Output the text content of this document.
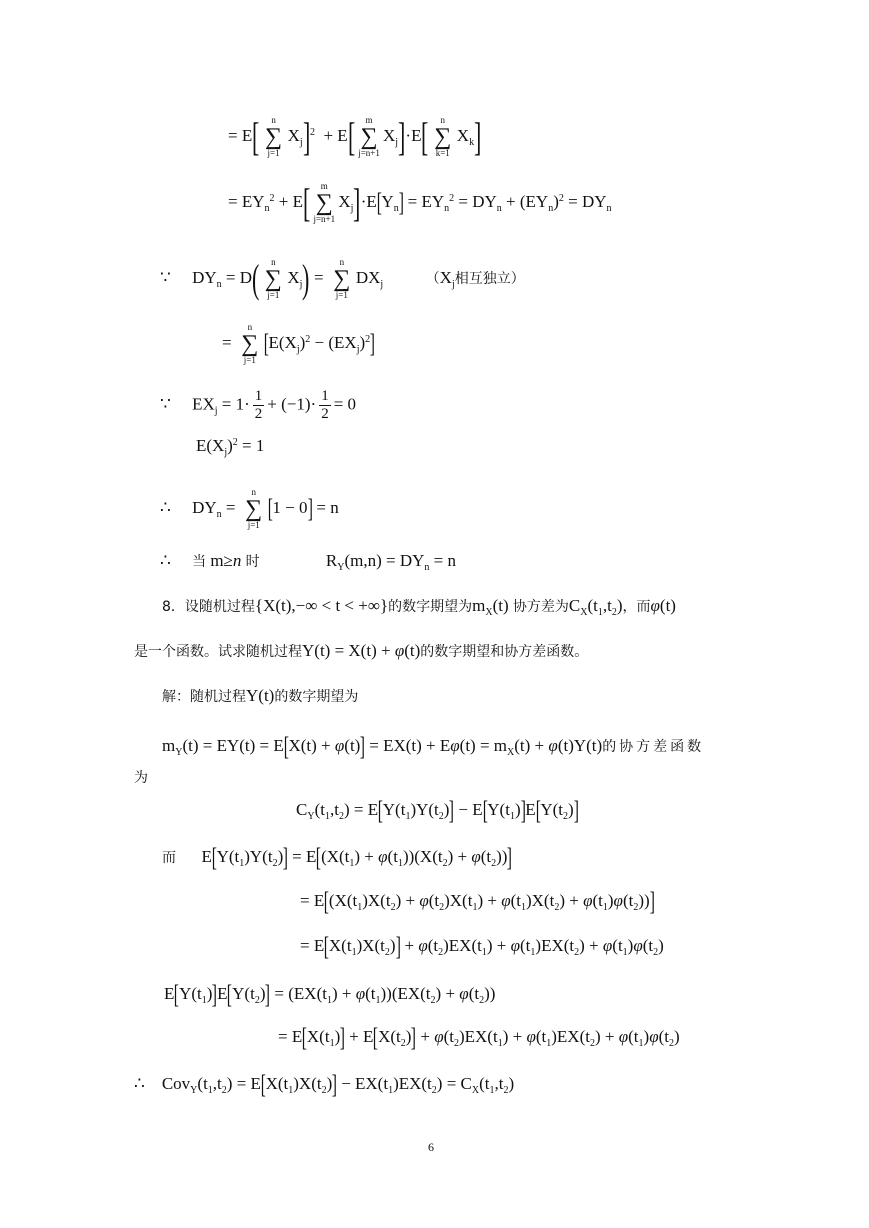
= E[	n
∑
j=1
$X_j]^2 + E$[	m
∑
j=n+1
$X_j]\cdot E$[	n
∑
k=1
$X_k$]
= $EY_n^2 + E$[	m
∑
j=n+1
$X_j]\cdot E[Y_n] = EY_n^2 = DY_n + (EY_n)^2 = DY_n$
∵     $DY_n = D$(	n
∑
j=1
$X_j$) =
n
∑
j=1
$DX_j$	（$X_j$相互独立）
=
n
∑
j=1
$[E(X_j)^2 - (EX_j)^2]$
∵     $EX_j = 1\cdot \frac{1}{2} + (-1)\cdot \frac{1}{2} = 0$
$E(X_j)^2 = 1$
∴     $DY_n$ =
n
∑
j=1
[1 − 0] = n
∴ 当 m≥n 时	$R_Y(m,n) = DY_n = n$
8．设随机过程{X(t),−∞ < t < +∞}的数字期望为$m_X(t)$ 协方差为$C_X(t_1,t_2)$，而φ(t)
是一个函数。试求随机过程Y(t) = X(t) + φ(t)的数字期望和协方差函数。
解：随机过程Y(t)的数字期望为
$m_Y(t) = EY(t) = E[X(t) + \varphi(t)] = EX(t) + E\varphi(t) = m_X(t) + \varphi(t)Y(t)$的协方差函数
为
$C_Y(t_1,t_2) = E[Y(t_1)Y(t_2)] - E[Y(t_1)]E[Y(t_2)]$
而      $E[Y(t_1)Y(t_2)] = E[(X(t_1) + \varphi(t_1))(X(t_2) + \varphi(t_2))]$
= $E[(X(t_1)X(t_2) + \varphi(t_2)X(t_1) + \varphi(t_1)X(t_2) + \varphi(t_1)\varphi(t_2))]$
= $E[X(t_1)X(t_2)] + \varphi(t_2)EX(t_1) + \varphi(t_1)EX(t_2) + \varphi(t_1)\varphi(t_2)$
$E[Y(t_1)]E[Y(t_2)] = (EX(t_1) + \varphi(t_1))(EX(t_2) + \varphi(t_2))$
= $E[X(t_1)] + E[X(t_2)] + \varphi(t_2)EX(t_1) + \varphi(t_1)EX(t_2) + \varphi(t_1)\varphi(t_2)$
∴    $Cov_Y(t_1,t_2) = E[X(t_1)X(t_2)] - EX(t_1)EX(t_2) = C_X(t_1,t_2)$
6
